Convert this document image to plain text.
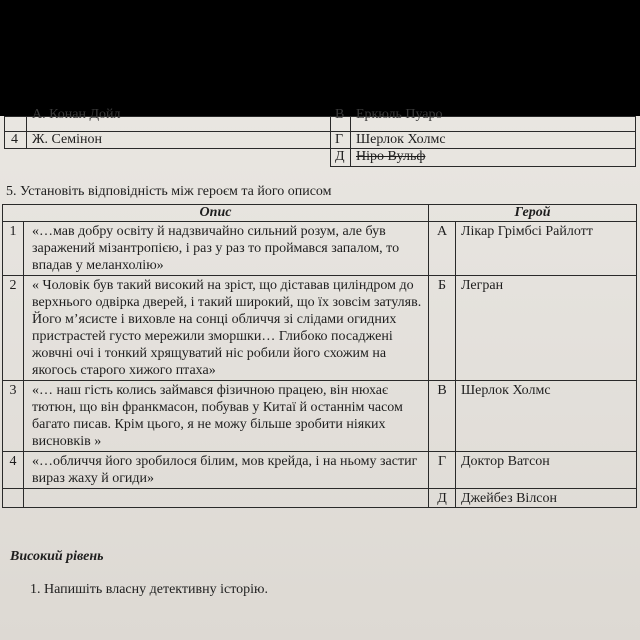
А. Конан Дойл	В Еркюль Пуаро
4 Ж. Семінон	Г Шерлок Холмс
Д Ніро Вульф
5. Установіть відповідність між героєм та його описом
Опис		Герой	
1	«…мав добру освіту й надзвичайно сильний розум, але був заражений мізантропією, і раз у раз то проймався запалом, то впадав у меланхолію»	А	Лікар Грімбсі Райлотт
2	« Чоловік був такий високий на зріст, що діставав циліндром до верхнього одвірка дверей, і такий широкий, що їх зовсім затуляв. Його м’ясисте і виховле на сонці обличчя зі слідами огидних пристрастей густо мережили зморшки… Глибоко посаджені жовчні очі і тонкий хрящуватий ніс робили його схожим на якогось старого хижого птаха»	Б	Легран
3	«… наш гість колись займався фізичною працею, він нюхає тютюн, що він франкмасон, побував у Китаї й останнім часом багато писав. Крім цього, я не можу більше зробити ніяких висновків »	В	Шерлок Холмс
4	«…обличчя його зробилося білим, мов крейда, і на ньому застиг вираз жаху й огиди»	Г	Доктор Ватсон
		Д	Джейбез Вілсон
Високий рівень
1. Напишіть власну детективну історію.
